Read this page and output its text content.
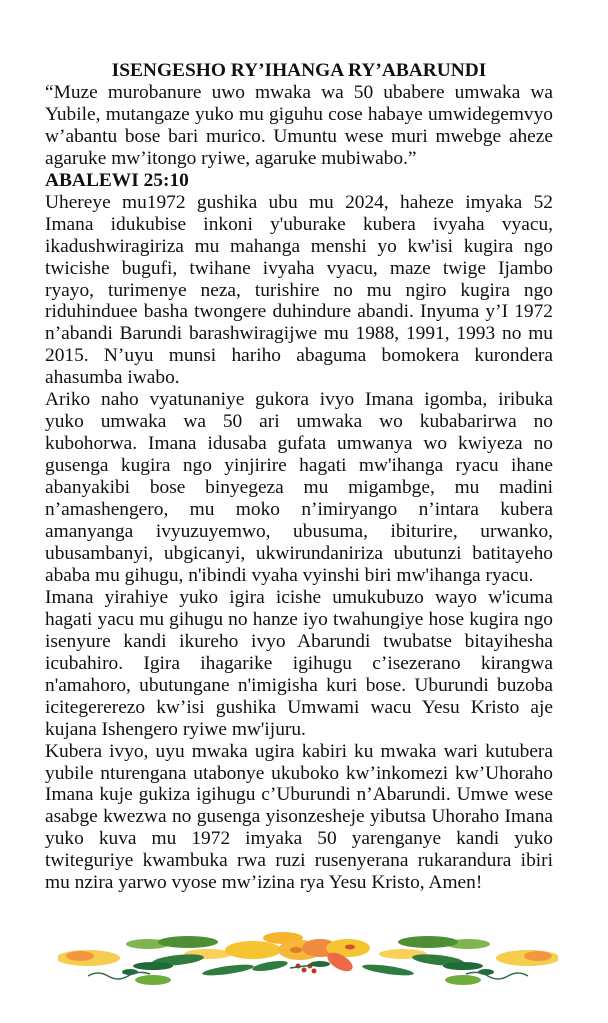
ISENGESHO RY’IHANGA RY’ABARUNDI

“Muze murobanure uwo mwaka wa 50 ubabere umwaka wa Yubile, mutangaze yuko mu giguhu cose habaye umwidegemvyo w’abantu bose bari murico. Umuntu wese muri mwebge aheze agaruke mw’itongo ryiwe, agaruke mubiwabo.”

ABALEWI 25:10

Uhereye mu1972 gushika ubu mu 2024, haheze imyaka 52 Imana idukubise inkoni y'uburake kubera ivyaha vyacu, ikadushwiragiriza mu mahanga menshi yo kw'isi kugira ngo twicishe bugufi, twihane ivyaha vyacu, maze twige Ijambo ryayo, turimenye neza, turishire no mu ngiro kugira ngo riduhinduee basha twongere duhindure abandi. Inyuma y’I 1972 n’abandi Barundi barashwiragijwe mu 1988, 1991, 1993 no mu 2015. N’uyu munsi hariho abaguma bomokera kurondera ahasumba iwabo.

Ariko naho vyatunaniye gukora ivyo Imana igomba, iribuka yuko umwaka wa 50 ari umwaka wo kubabarirwa no kubohorwa. Imana idusaba gufata umwanya wo kwiyeza no gusenga kugira ngo yinjirire hagati mw'ihanga ryacu ihane abanyakibi bose binyegeza mu migambge, mu madini n’amashengero, mu moko n’imiryango n’intara kubera amanyanga ivyuzuyemwo, ubusuma, ibiturire, urwanko, ubusambanyi, ubgicanyi, ukwirundaniriza ubutunzi batitayeho ababa mu gihugu, n'ibindi vyaha vyinshi biri mw'ihanga ryacu.

Imana yirahiye yuko igira icishe umukubuzo wayo w'icuma hagati yacu mu gihugu no hanze iyo twahungiye hose kugira ngo isenyure kandi ikureho ivyo Abarundi twubatse bitayihesha icubahiro. Igira ihagarike igihugu c’isezerano kirangwa n'amahoro, ubutungane n'imigisha kuri bose. Uburundi buzoba icitegererezo kw’isi gushika Umwami wacu Yesu Kristo aje kujana Ishengero ryiwe mw'ijuru.

Kubera ivyo, uyu mwaka ugira kabiri ku mwaka wari kutubera yubile nturengana utabonye ukuboko kw’inkomezi kw’Uhoraho Imana kuje gukiza igihugu c’Uburundi n’Abarundi. Umwe wese asabge kwezwa no gusenga yisonzesheje yibutsa Uhoraho Imana yuko kuva mu 1972 imyaka 50 yarenganye kandi yuko twiteguriye kwambuka rwa ruzi rusenyerana rukarandura ibiri mu nzira yarwo vyose mw’izina rya Yesu Kristo, Amen!
